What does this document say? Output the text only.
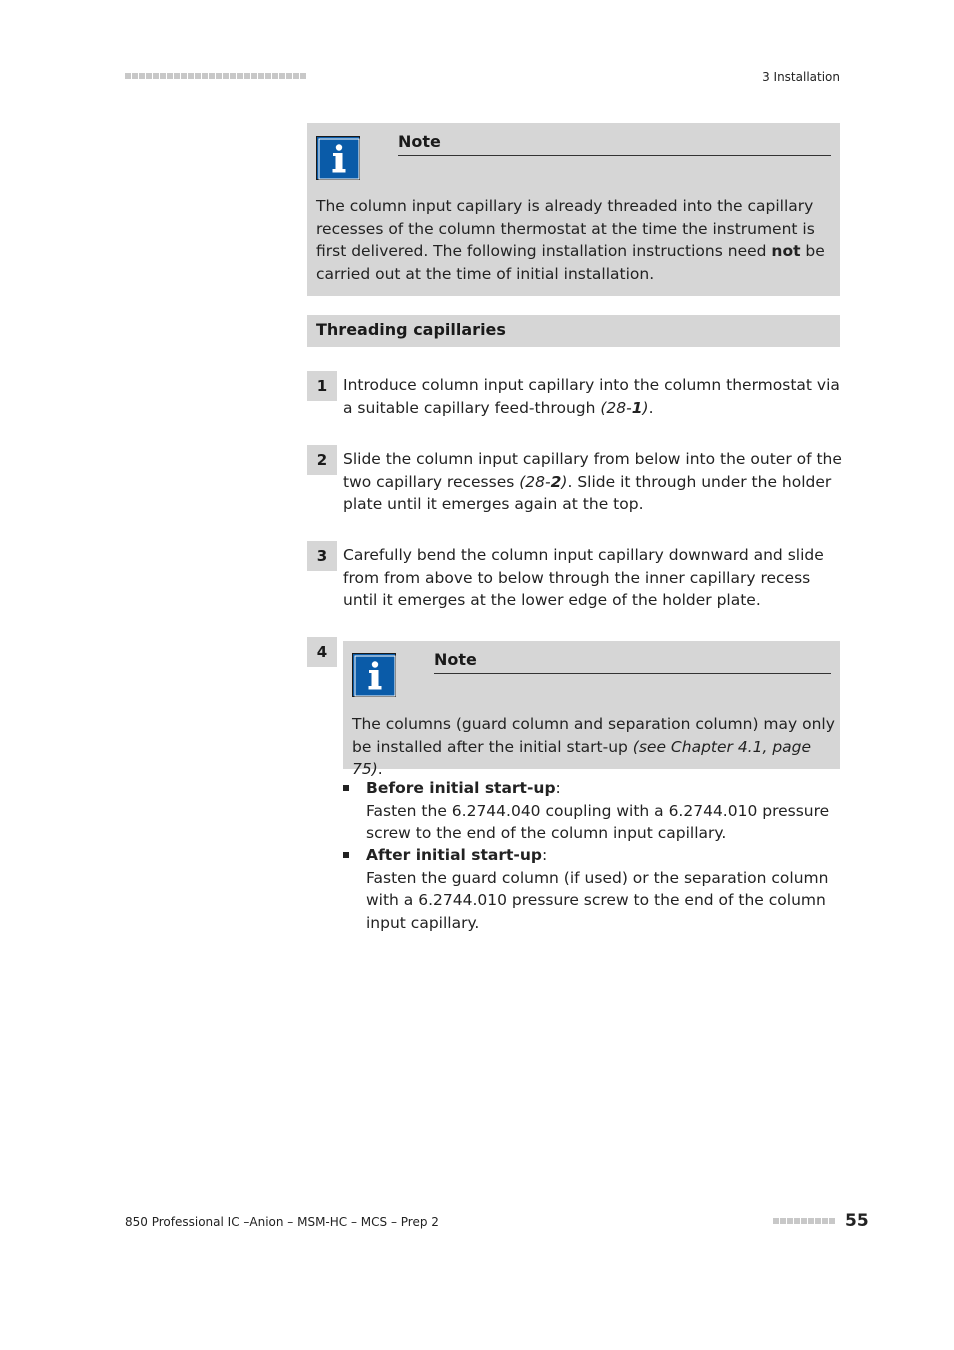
3 Installation
Note
The column input capillary is already threaded into the capillary recesses of the column thermostat at the time the instrument is first delivered. The following installation instructions need not be carried out at the time of initial installation.
Threading capillaries
1	Introduce column input capillary into the column thermostat via a suitable capillary feed-through (28-1).
2	Slide the column input capillary from below into the outer of the two capillary recesses (28-2). Slide it through under the holder plate until it emerges again at the top.
3	Carefully bend the column input capillary downward and slide from from above to below through the inner capillary recess until it emerges at the lower edge of the holder plate.
4	Note
The columns (guard column and separation column) may only be installed after the initial start-up (see Chapter 4.1, page 75).
Before initial start-up:
Fasten the 6.2744.040 coupling with a 6.2744.010 pressure screw to the end of the column input capillary.
After initial start-up:
Fasten the guard column (if used) or the separation column with a 6.2744.010 pressure screw to the end of the column input capillary.
850 Professional IC –Anion – MSM-HC – MCS – Prep 2	55
